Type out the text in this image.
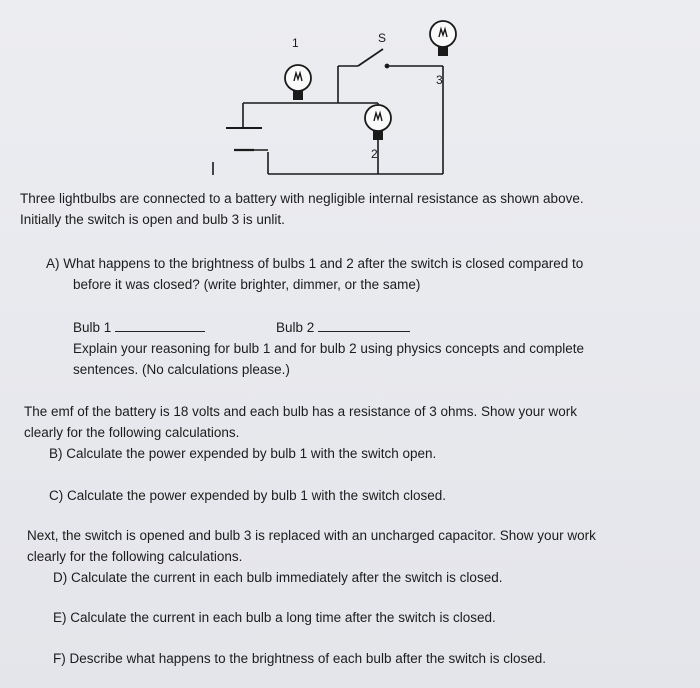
1	S
3
2
Three lightbulbs are connected to a battery with negligible internal resistance as shown above.
Initially the switch is open and bulb 3 is unlit.
A) What happens to the brightness of bulbs 1 and 2 after the switch is closed compared to
before it was closed? (write brighter, dimmer, or the same)
Bulb 1	Bulb 2
Explain your reasoning for bulb 1 and for bulb 2 using physics concepts and complete
sentences. (No calculations please.)
The emf of the battery is 18 volts and each bulb has a resistance of 3 ohms. Show your work
clearly for the following calculations.
B) Calculate the power expended by bulb 1 with the switch open.
C) Calculate the power expended by bulb 1 with the switch closed.
Next, the switch is opened and bulb 3 is replaced with an uncharged capacitor. Show your work
clearly for the following calculations.
D) Calculate the current in each bulb immediately after the switch is closed.
E) Calculate the current in each bulb a long time after the switch is closed.
F) Describe what happens to the brightness of each bulb after the switch is closed.
